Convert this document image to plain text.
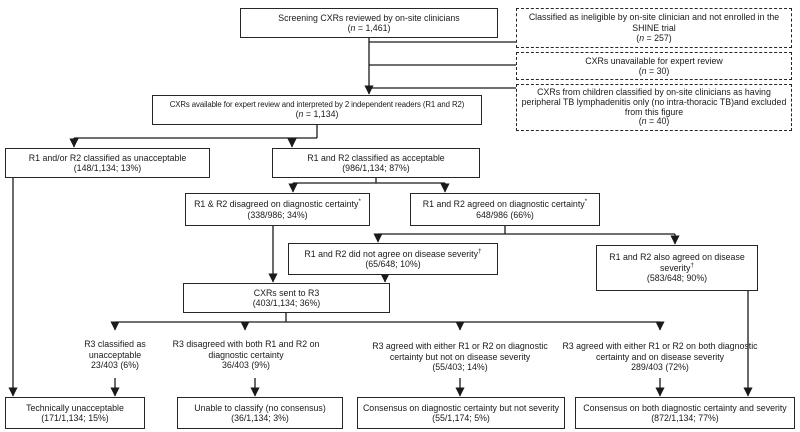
Screening CXRs reviewed by on-site clinicians
(n = 1,461)
Classified as ineligible by on-site clinician and not enrolled in the SHINE trial
(n = 257)
CXRs unavailable for expert review
(n = 30)
CXRs from children classified by on-site clinicians as having peripheral TB lymphadenitis only (no intra-thoracic TB)and excluded from this figure
(n = 40)
CXRs available for expert review and interpreted by 2 independent readers (R1 and R2)
(n = 1,134)
R1 and/or R2 classified as unacceptable
(148/1,134; 13%)
R1 and R2 classified as acceptable
(986/1,134; 87%)
R1 & R2 disagreed on diagnostic certainty*
(338/986; 34%)
R1 and R2 agreed on diagnostic certainty*
648/986 (66%)
R1 and R2 did not agree on disease severity†
(65/648; 10%)
R1 and R2 also agreed on disease severity†
(583/648; 90%)
CXRs sent to R3
(403/1,134; 36%)
R3 classified as unacceptable
23/403 (6%)
R3 disagreed with both R1 and R2 on diagnostic certainty
36/403 (9%)
R3 agreed with either R1 or R2 on diagnostic certainty but not on disease severity
(55/403; 14%)
R3 agreed with either R1 or R2 on both diagnostic certainty and on disease severity
289/403 (72%)
Technically unacceptable
(171/1,134; 15%)
Unable to classify (no consensus)
(36/1,134; 3%)
Consensus on diagnostic certainty but not severity
(55/1,174; 5%)
Consensus on both diagnostic certainty and severity
(872/1,134; 77%)
